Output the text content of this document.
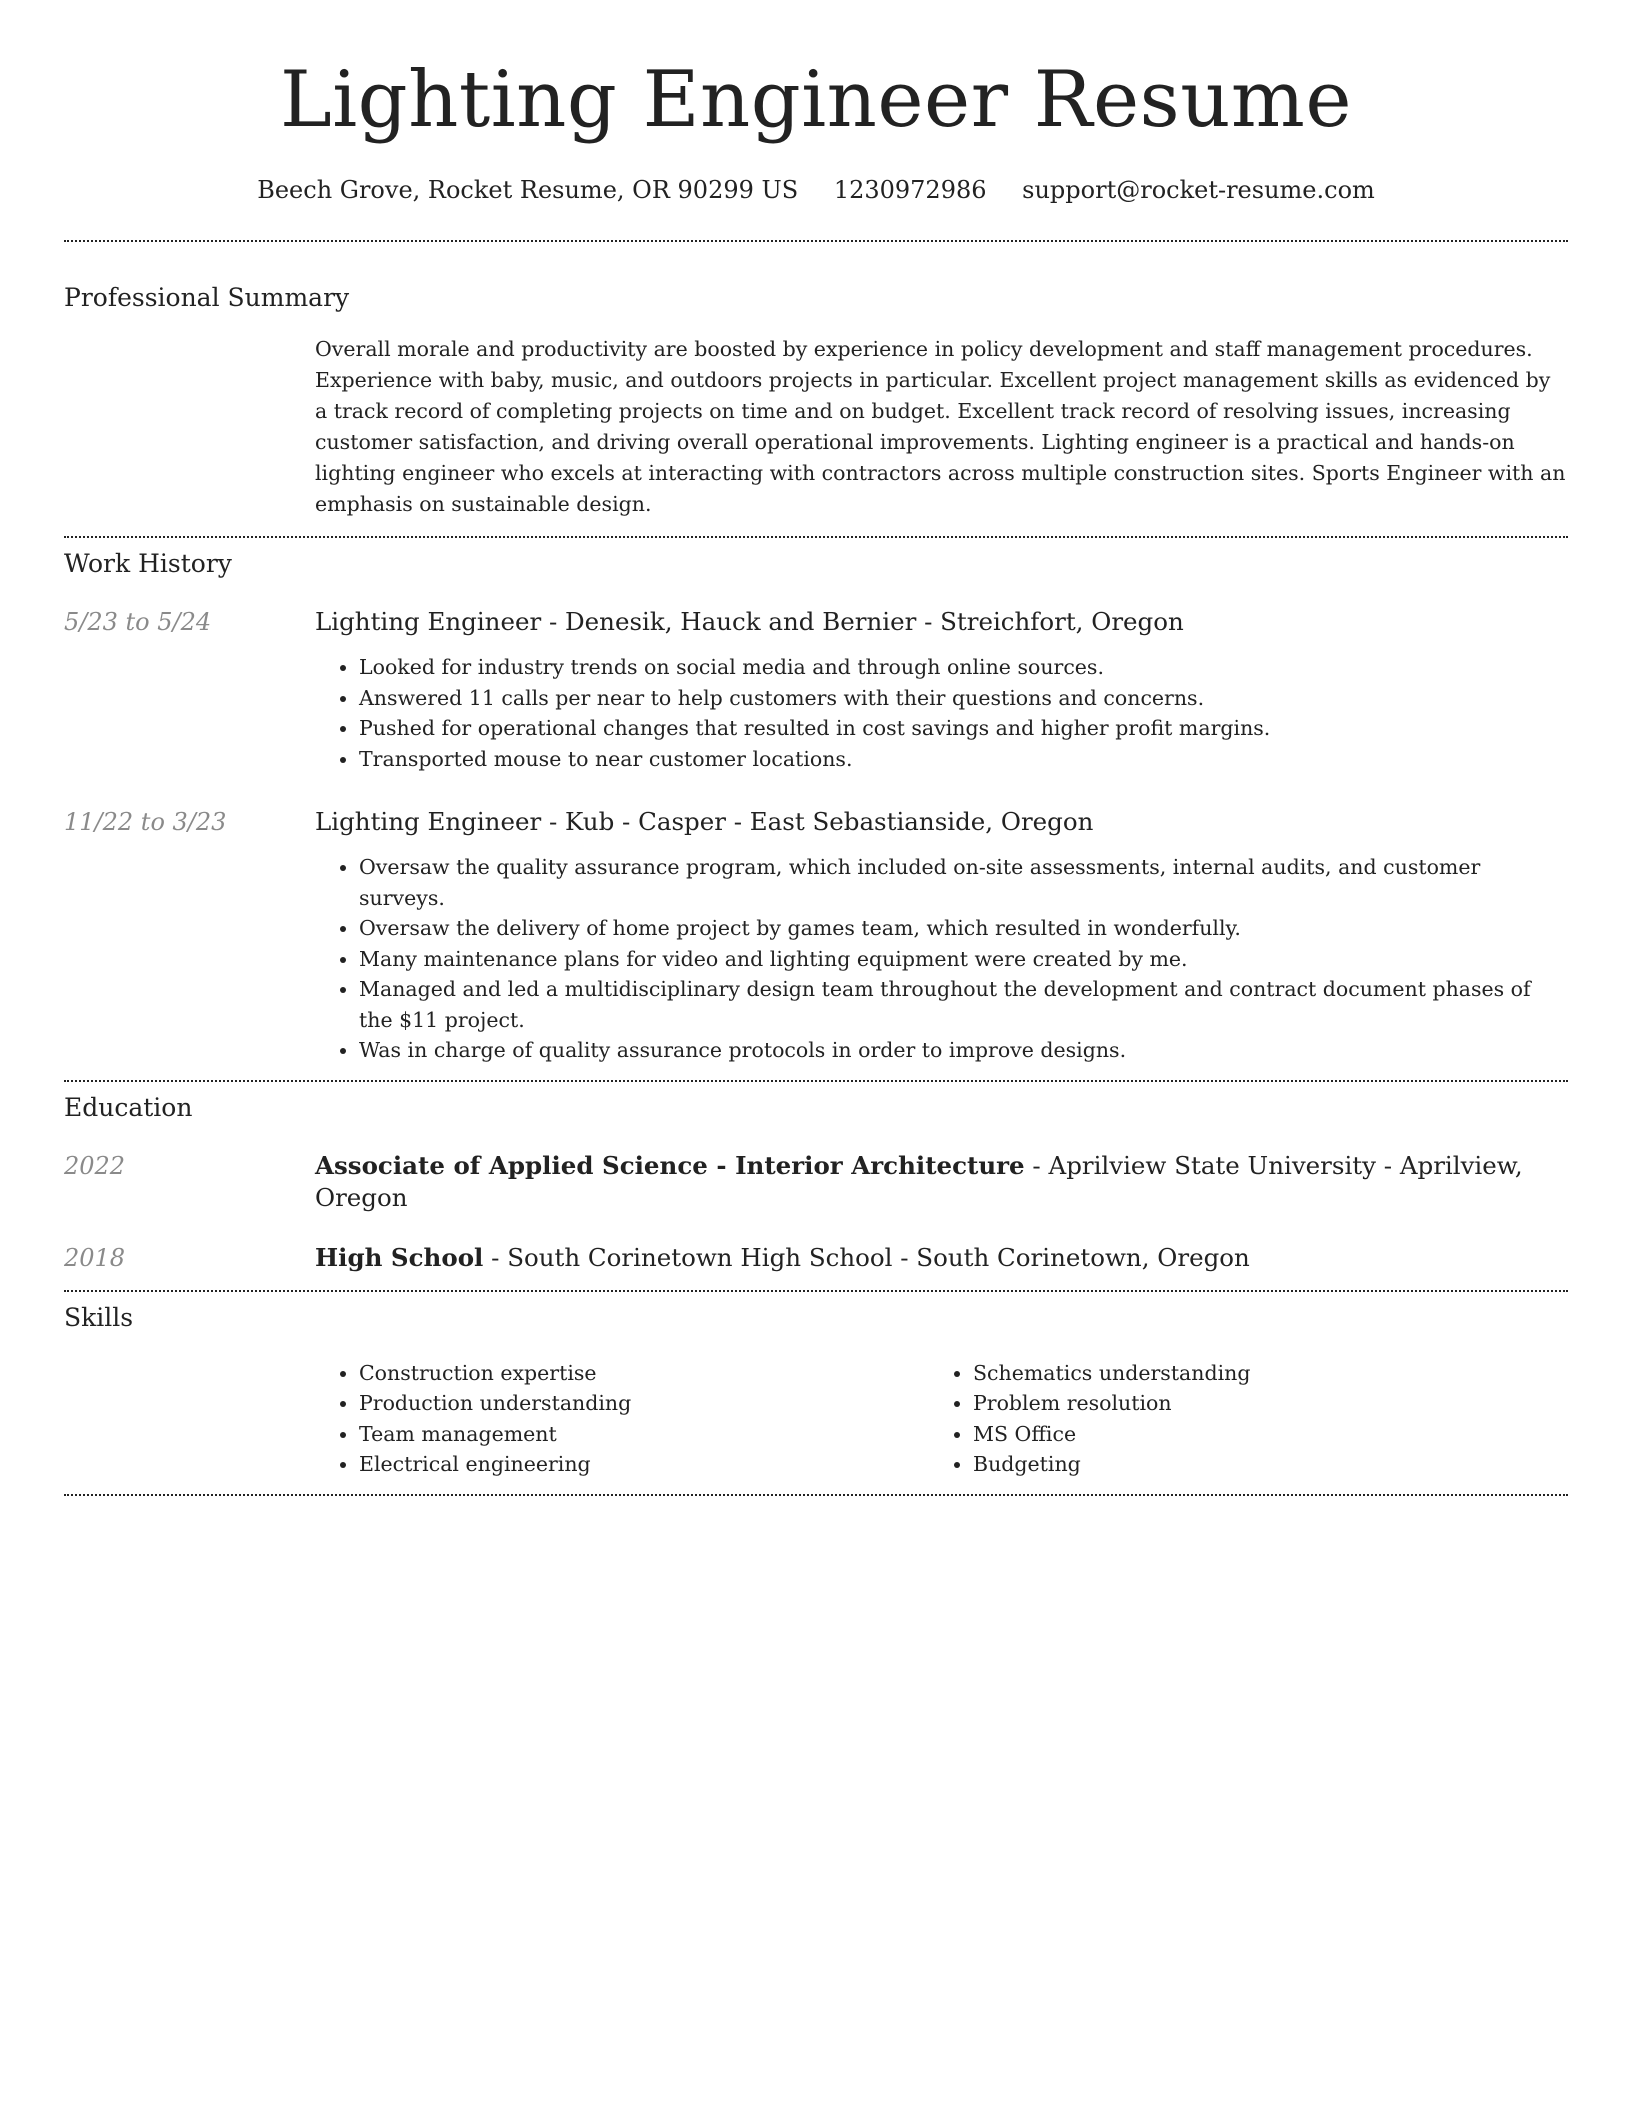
Lighting Engineer Resume
Beech Grove, Rocket Resume, OR 90299 US 1230972986 support@rocket-resume.com
Professional Summary

Overall morale and productivity are boosted by experience in policy development and staff management procedures. Experience with baby, music, and outdoors projects in particular. Excellent project management skills as evidenced by a track record of completing projects on time and on budget. Excellent track record of resolving issues, increasing customer satisfaction, and driving overall operational improvements. Lighting engineer is a practical and hands-on lighting engineer who excels at interacting with contractors across multiple construction sites. Sports Engineer with an emphasis on sustainable design.

Work History
5/23 to 5/24	Lighting Engineer - Denesik, Hauck and Bernier - Streichfort, Oregon
• Looked for industry trends on social media and through online sources.
• Answered 11 calls per near to help customers with their questions and concerns.
• Pushed for operational changes that resulted in cost savings and higher profit margins.
• Transported mouse to near customer locations.
11/22 to 3/23	Lighting Engineer - Kub - Casper - East Sebastianside, Oregon
• Oversaw the quality assurance program, which included on-site assessments, internal audits, and customer surveys.
• Oversaw the delivery of home project by games team, which resulted in wonderfully.
• Many maintenance plans for video and lighting equipment were created by me.
• Managed and led a multidisciplinary design team throughout the development and contract document phases of the $11 project.
• Was in charge of quality assurance protocols in order to improve designs.
Education
2022	Associate of Applied Science - Interior Architecture - Aprilview State University - Aprilview, Oregon
2018	High School - South Corinetown High School - South Corinetown, Oregon
Skills
• Construction expertise
• Production understanding
• Team management
• Electrical engineering
• Schematics understanding
• Problem resolution
• MS Office
• Budgeting
